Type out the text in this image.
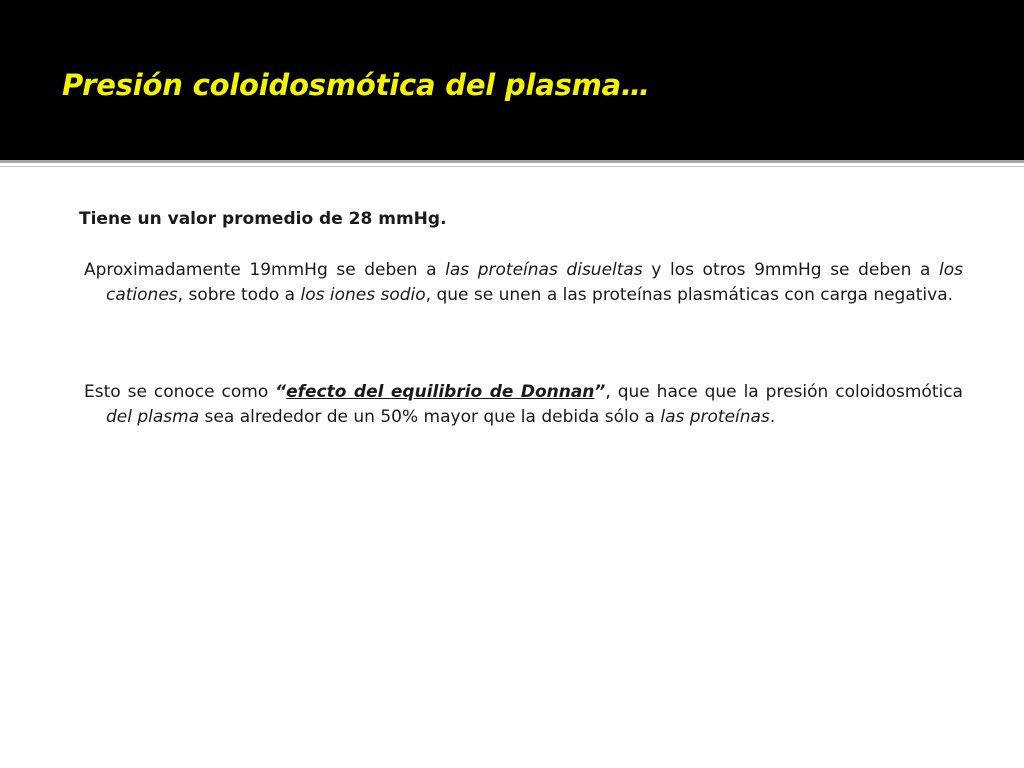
Presión coloidosmótica del plasma…

Tiene un valor promedio de 28 mmHg.

Aproximadamente 19mmHg se deben a las proteínas disueltas y los otros 9mmHg se deben a los cationes, sobre todo a los iones sodio, que se unen a las proteínas plasmáticas con carga negativa.

Esto se conoce como “efecto del equilibrio de Donnan”, que hace que la presión coloidosmótica del plasma sea alrededor de un 50% mayor que la debida sólo a las proteínas.
